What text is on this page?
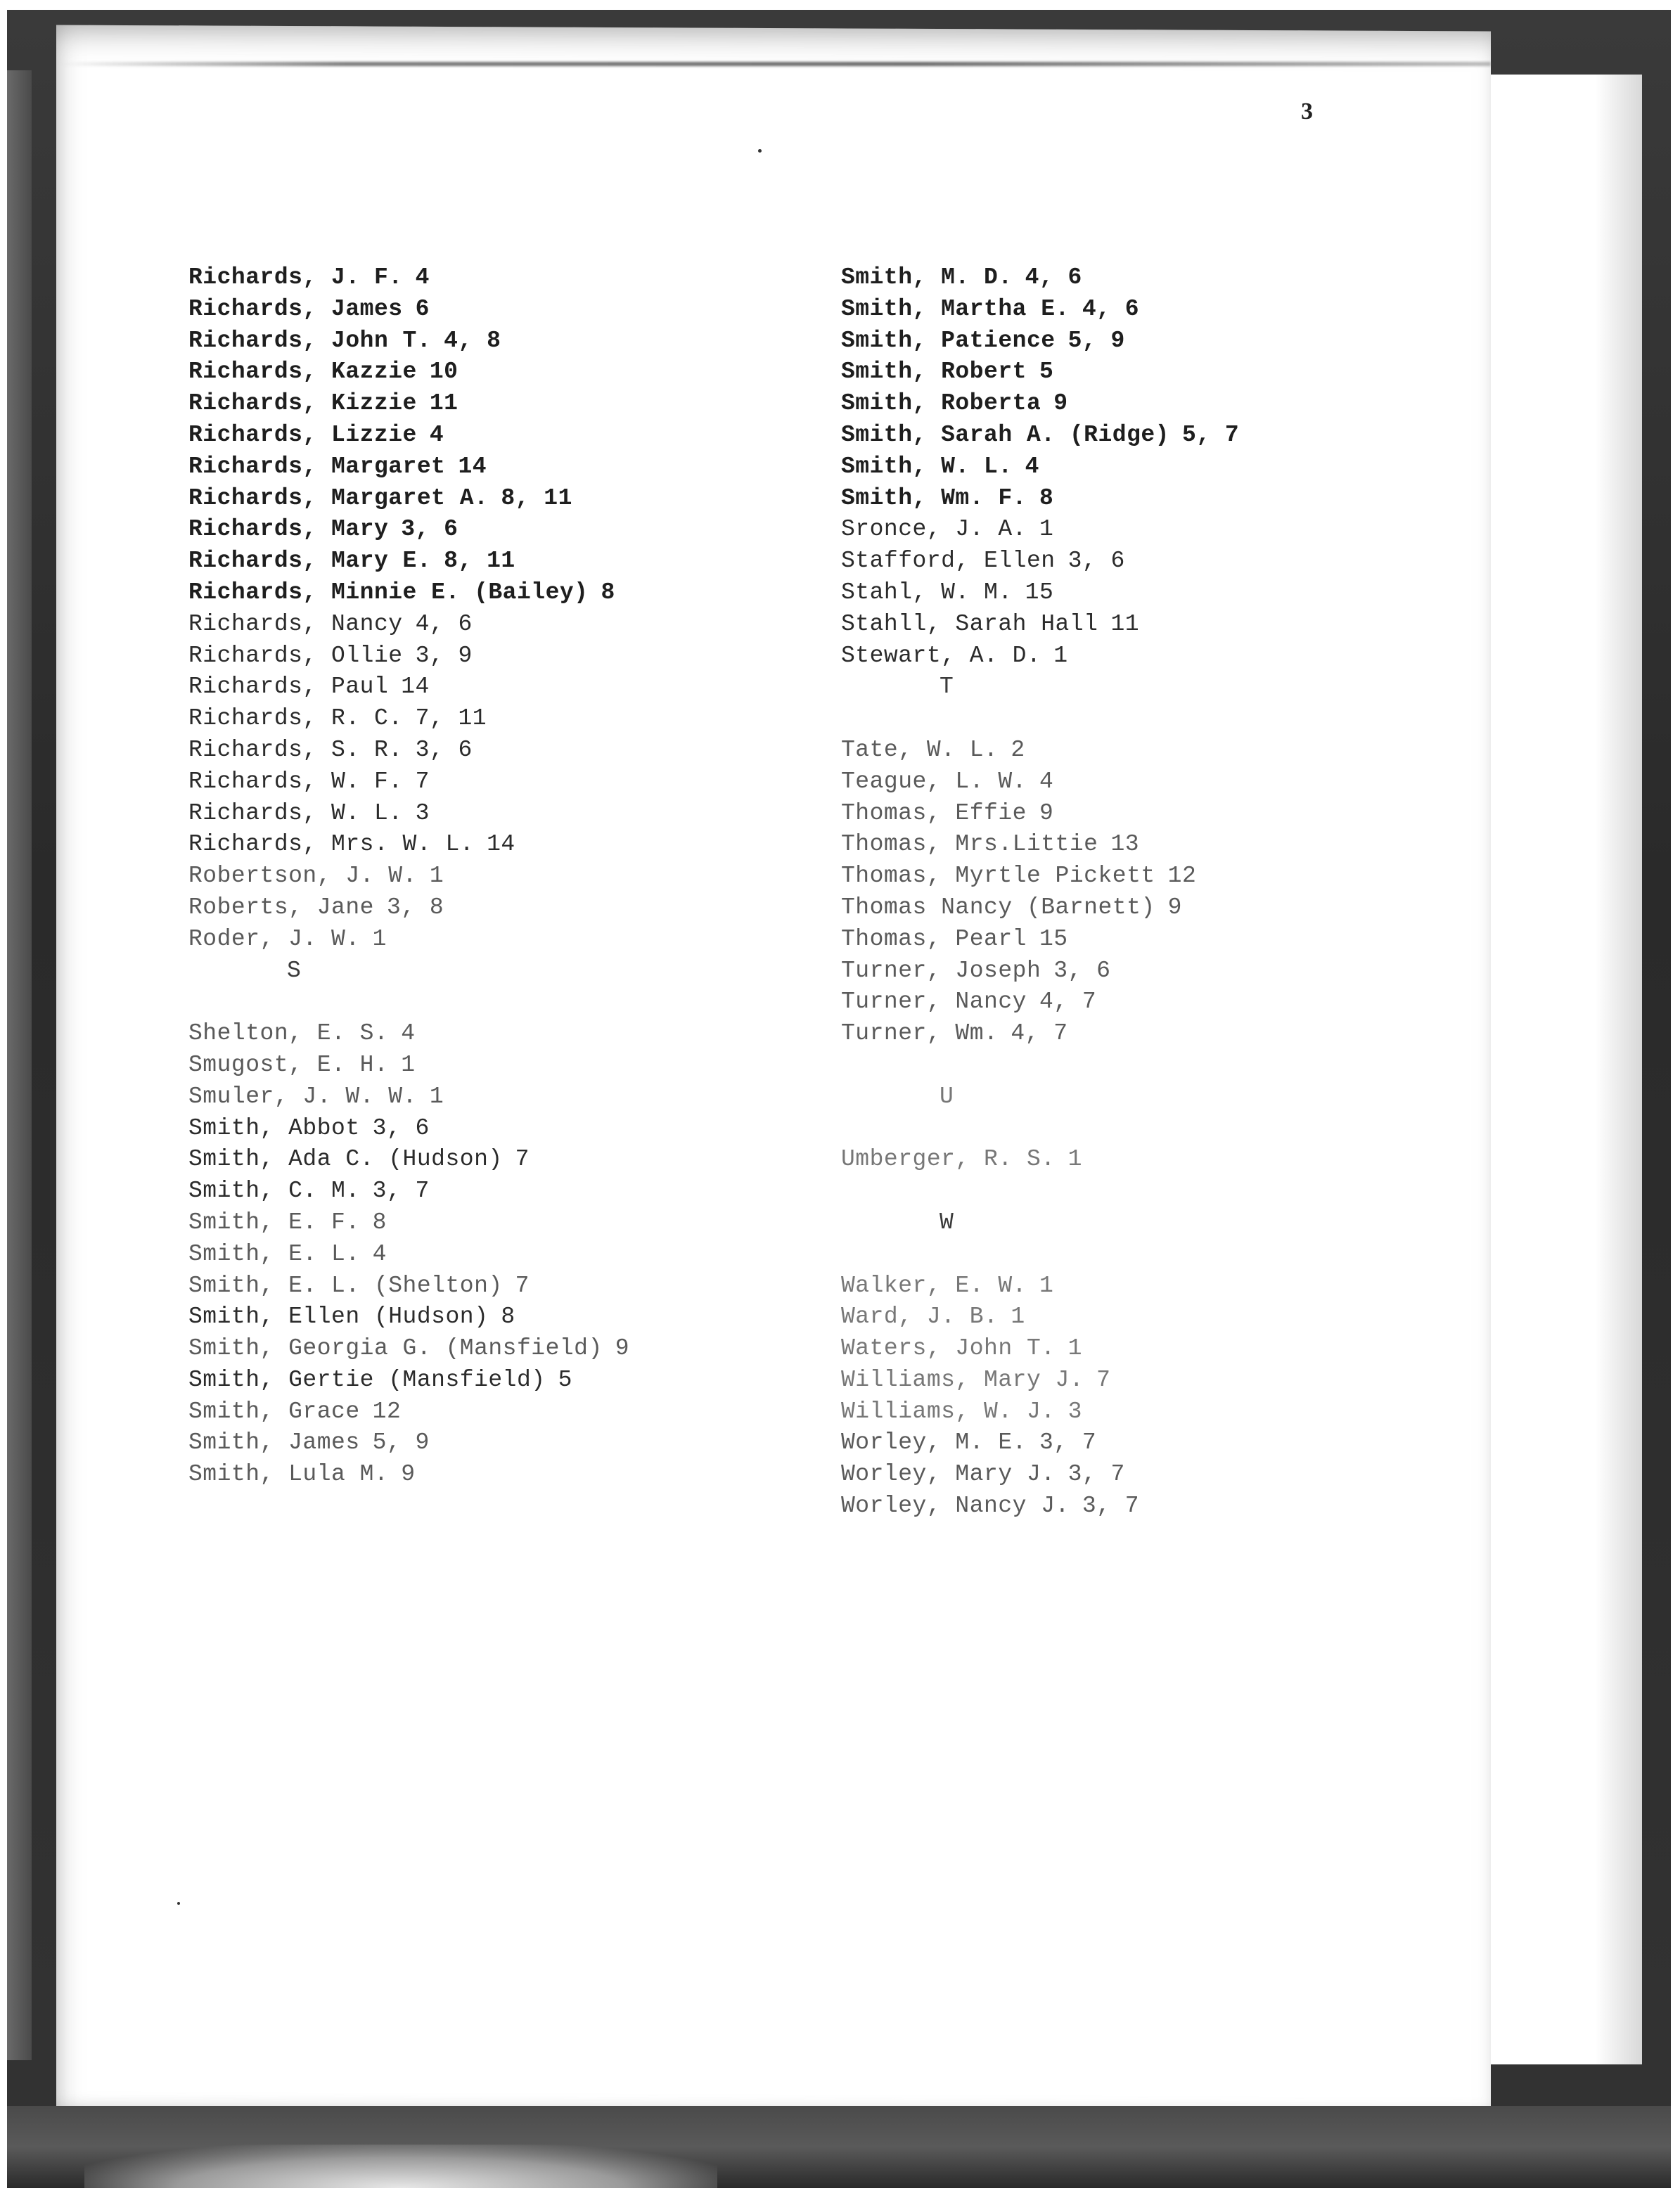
3
Richards, J. F. 4
Richards, James 6
Richards, John T. 4, 8
Richards, Kazzie 10
Richards, Kizzie 11
Richards, Lizzie 4
Richards, Margaret 14
Richards, Margaret A. 8, 11
Richards, Mary 3, 6
Richards, Mary E. 8, 11
Richards, Minnie E. (Bailey) 8
Richards, Nancy 4, 6
Richards, Ollie 3, 9
Richards, Paul 14
Richards, R. C. 7, 11
Richards, S. R. 3, 6
Richards, W. F. 7
Richards, W. L. 3
Richards, Mrs. W. L. 14
Robertson, J. W. 1
Roberts, Jane 3, 8
Roder, J. W. 1
S
Shelton, E. S. 4
Smugost, E. H. 1
Smuler, J. W. W. 1
Smith, Abbot 3, 6
Smith, Ada C. (Hudson) 7
Smith, C. M. 3, 7
Smith, E. F. 8
Smith, E. L. 4
Smith, E. L. (Shelton) 7
Smith, Ellen (Hudson) 8
Smith, Georgia G. (Mansfield) 9
Smith, Gertie (Mansfield) 5
Smith, Grace 12
Smith, James 5, 9
Smith, Lula M. 9
Smith, M. D. 4, 6
Smith, Martha E. 4, 6
Smith, Patience 5, 9
Smith, Robert 5
Smith, Roberta 9
Smith, Sarah A. (Ridge) 5, 7
Smith, W. L. 4
Smith, Wm. F. 8
Sronce, J. A. 1
Stafford, Ellen 3, 6
Stahl, W. M. 15
Stahll, Sarah Hall 11
Stewart, A. D. 1
T
Tate, W. L. 2
Teague, L. W. 4
Thomas, Effie 9
Thomas, Mrs.Littie 13
Thomas, Myrtle Pickett 12
Thomas Nancy (Barnett) 9
Thomas, Pearl 15
Turner, Joseph 3, 6
Turner, Nancy 4, 7
Turner, Wm. 4, 7
U
Umberger, R. S. 1
W
Walker, E. W. 1
Ward, J. B. 1
Waters, John T. 1
Williams, Mary J. 7
Williams, W. J. 3
Worley, M. E. 3, 7
Worley, Mary J. 3, 7
Worley, Nancy J. 3, 7
